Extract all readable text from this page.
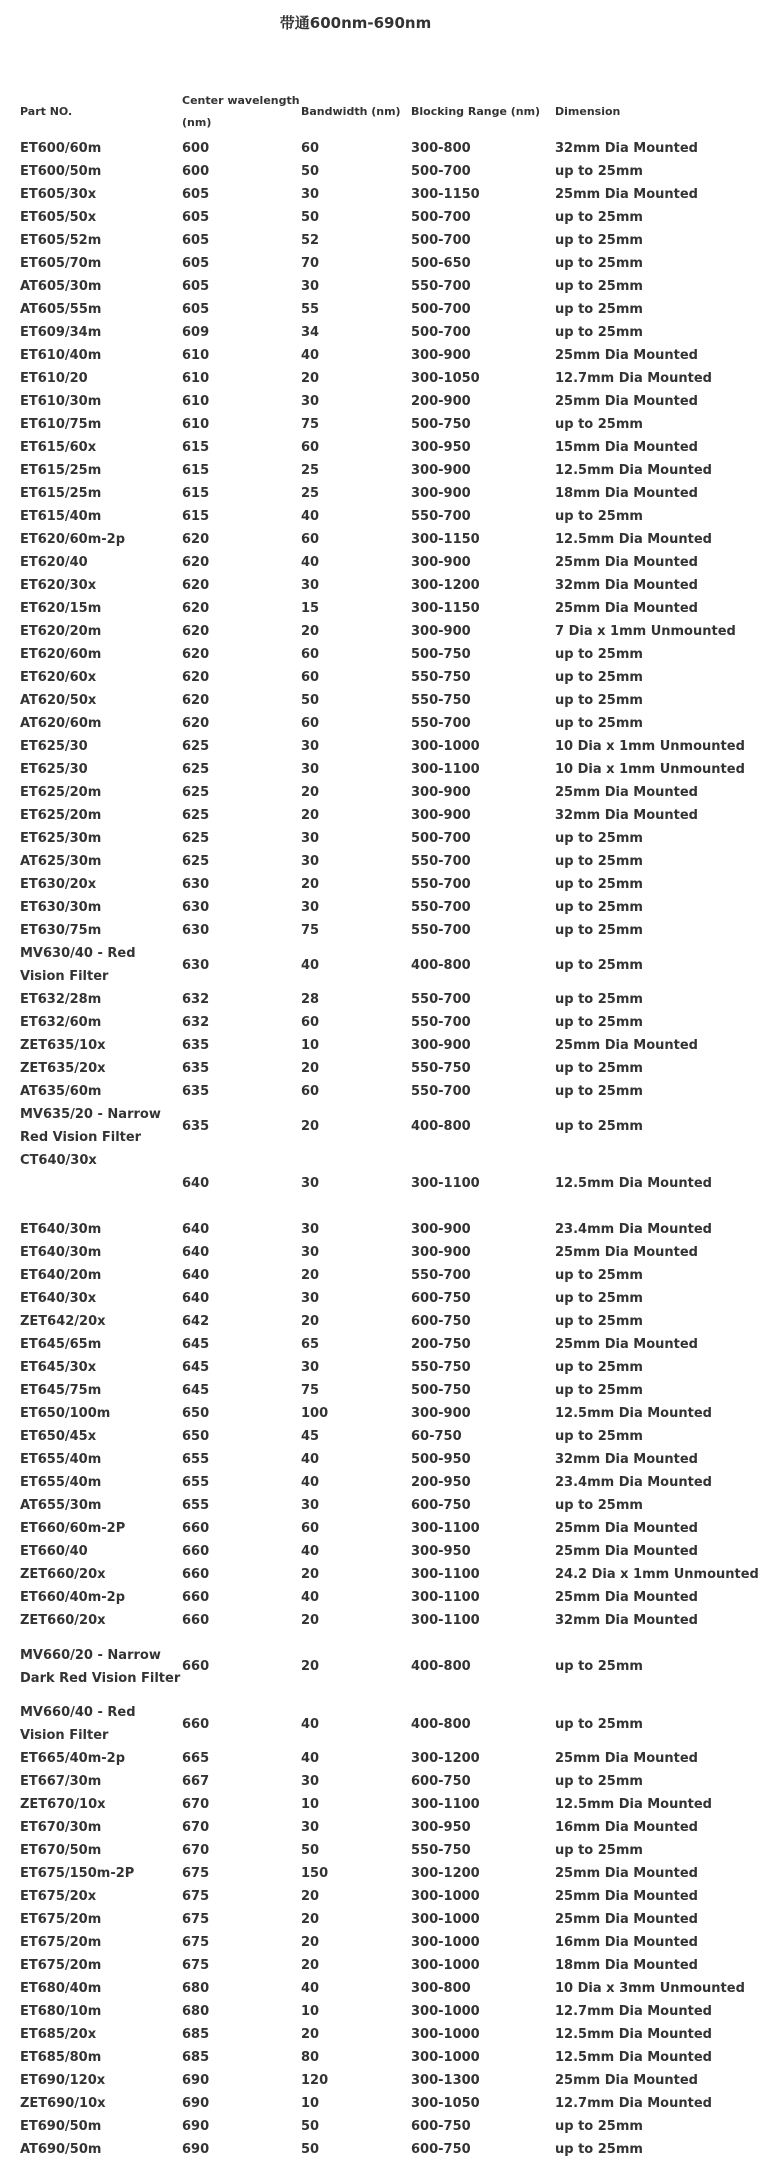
带通600nm-690nm
Part NO.	Center wavelength (nm)	Bandwidth (nm)	Blocking Range (nm)	Dimension
ET600/60m	600	60	300-800	32mm Dia Mounted
ET600/50m	600	50	500-700	up to 25mm
ET605/30x	605	30	300-1150	25mm Dia Mounted
ET605/50x	605	50	500-700	up to 25mm
ET605/52m	605	52	500-700	up to 25mm
ET605/70m	605	70	500-650	up to 25mm
AT605/30m	605	30	550-700	up to 25mm
AT605/55m	605	55	500-700	up to 25mm
ET609/34m	609	34	500-700	up to 25mm
ET610/40m	610	40	300-900	25mm Dia Mounted
ET610/20	610	20	300-1050	12.7mm Dia Mounted
ET610/30m	610	30	200-900	25mm Dia Mounted
ET610/75m	610	75	500-750	up to 25mm
ET615/60x	615	60	300-950	15mm Dia Mounted
ET615/25m	615	25	300-900	12.5mm Dia Mounted
ET615/25m	615	25	300-900	18mm Dia Mounted
ET615/40m	615	40	550-700	up to 25mm
ET620/60m-2p	620	60	300-1150	12.5mm Dia Mounted
ET620/40	620	40	300-900	25mm Dia Mounted
ET620/30x	620	30	300-1200	32mm Dia Mounted
ET620/15m	620	15	300-1150	25mm Dia Mounted
ET620/20m	620	20	300-900	7 Dia x 1mm Unmounted
ET620/60m	620	60	500-750	up to 25mm
ET620/60x	620	60	550-750	up to 25mm
AT620/50x	620	50	550-750	up to 25mm
AT620/60m	620	60	550-700	up to 25mm
ET625/30	625	30	300-1000	10 Dia x 1mm Unmounted
ET625/30	625	30	300-1100	10 Dia x 1mm Unmounted
ET625/20m	625	20	300-900	25mm Dia Mounted
ET625/20m	625	20	300-900	32mm Dia Mounted
ET625/30m	625	30	500-700	up to 25mm
AT625/30m	625	30	550-700	up to 25mm
ET630/20x	630	20	550-700	up to 25mm
ET630/30m	630	30	550-700	up to 25mm
ET630/75m	630	75	550-700	up to 25mm
MV630/40 - Red Vision Filter	630	40	400-800	up to 25mm
ET632/28m	632	28	550-700	up to 25mm
ET632/60m	632	60	550-700	up to 25mm
ZET635/10x	635	10	300-900	25mm Dia Mounted
ZET635/20x	635	20	550-750	up to 25mm
AT635/60m	635	60	550-700	up to 25mm
MV635/20 - Narrow Red Vision Filter	635	20	400-800	up to 25mm
CT640/30x	640	30	300-1100	12.5mm Dia Mounted
ET640/30m	640	30	300-900	23.4mm Dia Mounted
ET640/30m	640	30	300-900	25mm Dia Mounted
ET640/20m	640	20	550-700	up to 25mm
ET640/30x	640	30	600-750	up to 25mm
ZET642/20x	642	20	600-750	up to 25mm
ET645/65m	645	65	200-750	25mm Dia Mounted
ET645/30x	645	30	550-750	up to 25mm
ET645/75m	645	75	500-750	up to 25mm
ET650/100m	650	100	300-900	12.5mm Dia Mounted
ET650/45x	650	45	60-750	up to 25mm
ET655/40m	655	40	500-950	32mm Dia Mounted
ET655/40m	655	40	200-950	23.4mm Dia Mounted
AT655/30m	655	30	600-750	up to 25mm
ET660/60m-2P	660	60	300-1100	25mm Dia Mounted
ET660/40	660	40	300-950	25mm Dia Mounted
ZET660/20x	660	20	300-1100	24.2 Dia x 1mm Unmounted
ET660/40m-2p	660	40	300-1100	25mm Dia Mounted
ZET660/20x	660	20	300-1100	32mm Dia Mounted
MV660/20 - Narrow Dark Red Vision Filter	660	20	400-800	up to 25mm
MV660/40 - Red Vision Filter	660	40	400-800	up to 25mm
ET665/40m-2p	665	40	300-1200	25mm Dia Mounted
ET667/30m	667	30	600-750	up to 25mm
ZET670/10x	670	10	300-1100	12.5mm Dia Mounted
ET670/30m	670	30	300-950	16mm Dia Mounted
ET670/50m	670	50	550-750	up to 25mm
ET675/150m-2P	675	150	300-1200	25mm Dia Mounted
ET675/20x	675	20	300-1000	25mm Dia Mounted
ET675/20m	675	20	300-1000	25mm Dia Mounted
ET675/20m	675	20	300-1000	16mm Dia Mounted
ET675/20m	675	20	300-1000	18mm Dia Mounted
ET680/40m	680	40	300-800	10 Dia x 3mm Unmounted
ET680/10m	680	10	300-1000	12.7mm Dia Mounted
ET685/20x	685	20	300-1000	12.5mm Dia Mounted
ET685/80m	685	80	300-1000	12.5mm Dia Mounted
ET690/120x	690	120	300-1300	25mm Dia Mounted
ZET690/10x	690	10	300-1050	12.7mm Dia Mounted
ET690/50m	690	50	600-750	up to 25mm
AT690/50m	690	50	600-750	up to 25mm
